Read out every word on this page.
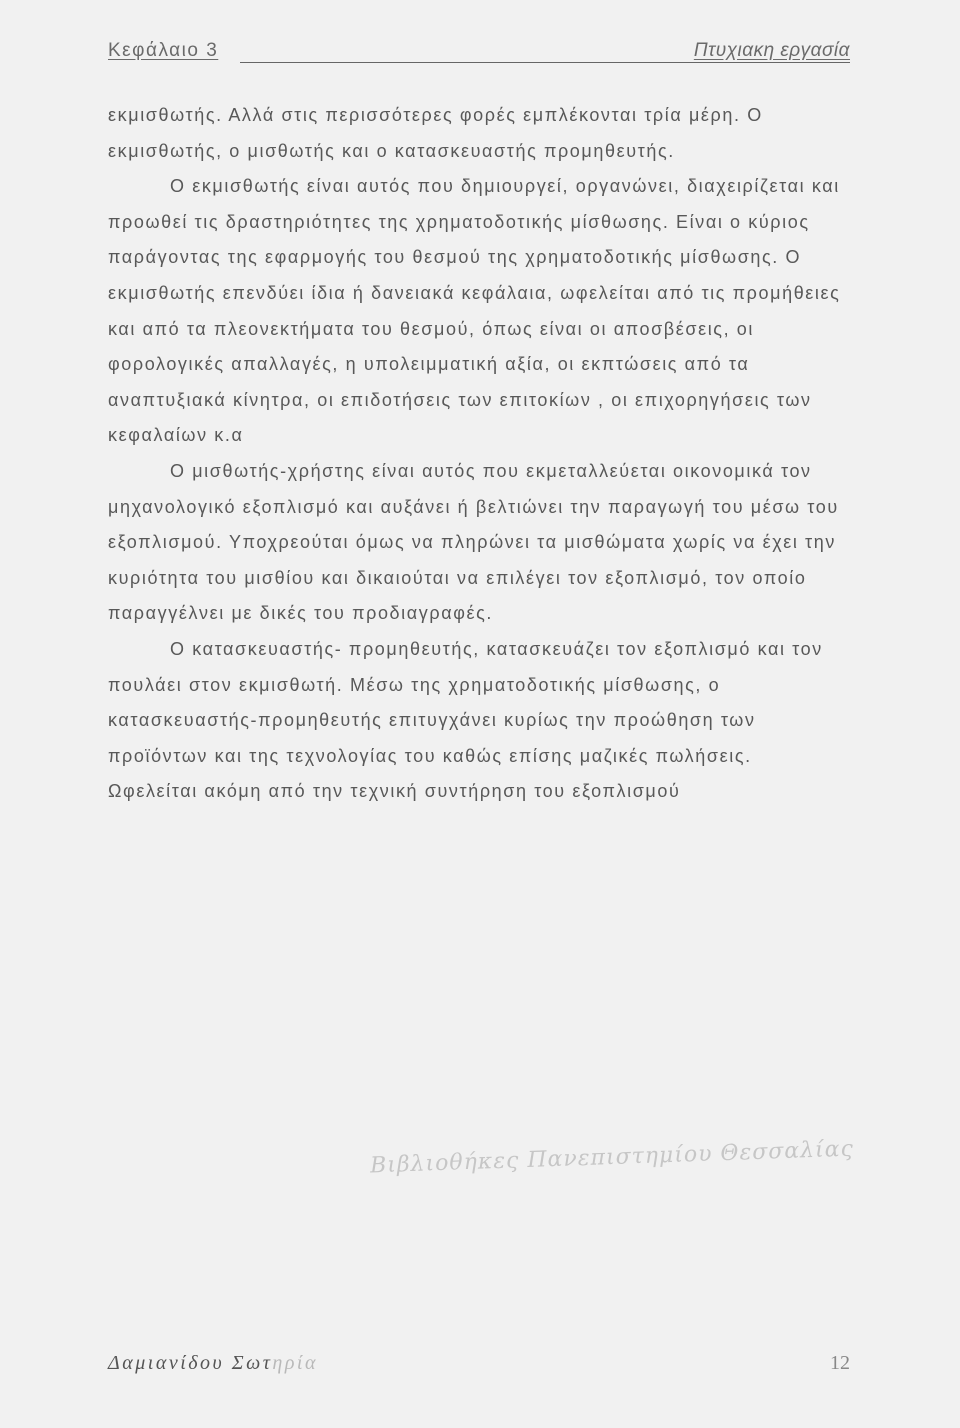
Κεφάλαιο 3	Πτυχιακη εργασία

εκμισθωτής. Αλλά στις περισσότερες φορές εμπλέκονται τρία μέρη. Ο εκμισθωτής, ο μισθωτής και ο κατασκευαστής προμηθευτής.

Ο εκμισθωτής είναι αυτός που δημιουργεί, οργανώνει, διαχειρίζεται και προωθεί τις δραστηριότητες της χρηματοδοτικής μίσθωσης. Είναι ο κύριος παράγοντας της εφαρμογής του θεσμού της χρηματοδοτικής μίσθωσης. Ο εκμισθωτής επενδύει ίδια ή δανειακά κεφάλαια, ωφελείται από τις προμήθειες και από τα πλεονεκτήματα του θεσμού, όπως είναι οι αποσβέσεις, οι φορολογικές απαλλαγές, η υπολειμματική αξία, οι εκπτώσεις από τα αναπτυξιακά κίνητρα, οι επιδοτήσεις των επιτοκίων , οι επιχορηγήσεις των κεφαλαίων κ.α

Ο μισθωτής-χρήστης είναι αυτός που εκμεταλλεύεται οικονομικά τον μηχανολογικό εξοπλισμό και αυξάνει ή βελτιώνει την παραγωγή του μέσω του εξοπλισμού. Υποχρεούται όμως να πληρώνει τα μισθώματα χωρίς να έχει την κυριότητα του μισθίου και δικαιούται να επιλέγει τον εξοπλισμό, τον οποίο παραγγέλνει με δικές του προδιαγραφές.

Ο κατασκευαστής- προμηθευτής, κατασκευάζει τον εξοπλισμό και τον πουλάει στον εκμισθωτή. Μέσω της χρηματοδοτικής μίσθωσης, ο κατασκευαστής-προμηθευτής επιτυγχάνει κυρίως την προώθηση των προϊόντων και της τεχνολογίας του καθώς επίσης μαζικές πωλήσεις. Ωφελείται ακόμη από την τεχνική συντήρηση του εξοπλισμού

Βιβλιοθήκες Πανεπιστημίου Θεσσαλίας
Δαμιανίδου Σωτηρία	12
